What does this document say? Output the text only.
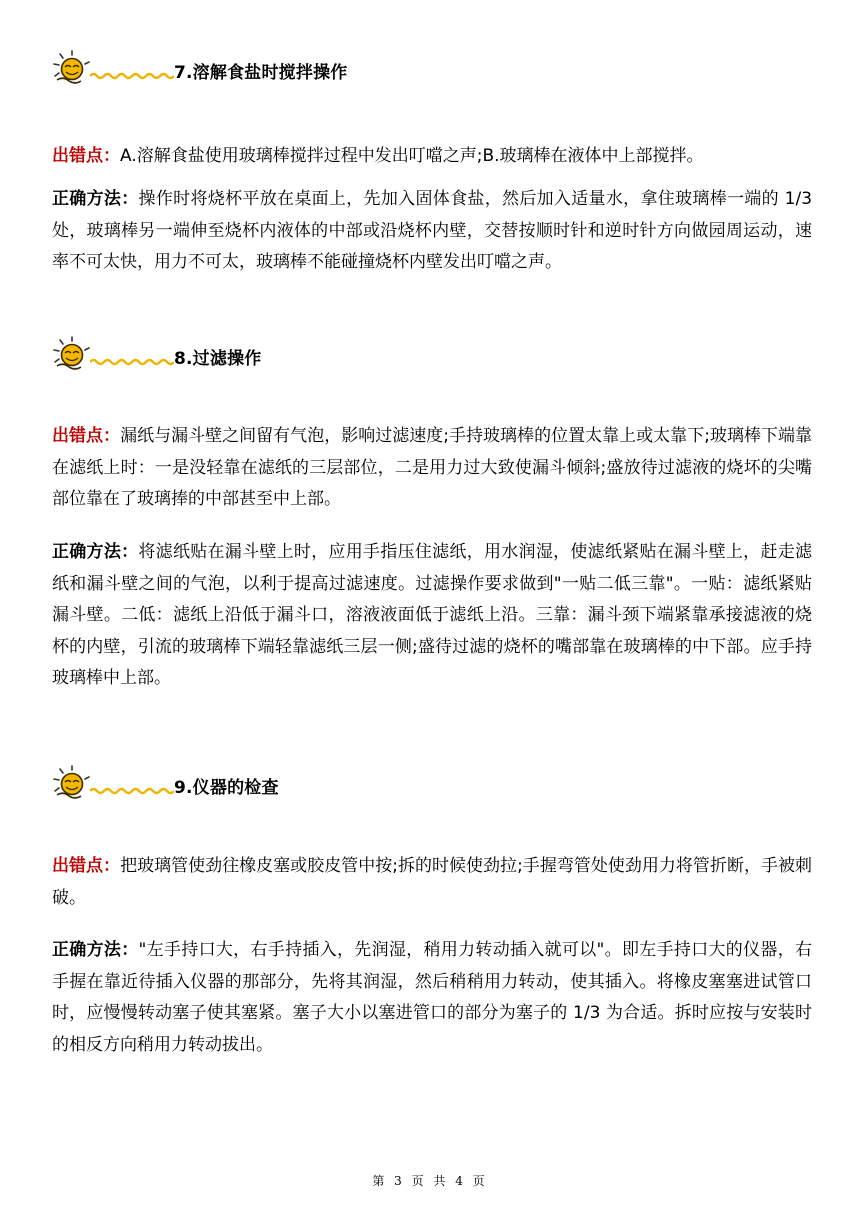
7.溶解食盐时搅拌操作
出错点：A.溶解食盐使用玻璃棒搅拌过程中发出叮噹之声;B.玻璃棒在液体中上部搅拌。
正确方法：操作时将烧杯平放在桌面上，先加入固体食盐，然后加入适量水，拿住玻璃棒一端的 1/3 处，玻璃棒另一端伸至烧杯内液体的中部或沿烧杯内壁，交替按顺时针和逆时针方向做园周运动，速率不可太快，用力不可太，玻璃棒不能碰撞烧杯内壁发出叮噹之声。
8.过滤操作
出错点：漏纸与漏斗壁之间留有气泡，影响过滤速度;手持玻璃棒的位置太靠上或太靠下;玻璃棒下端靠在滤纸上时：一是没轻靠在滤纸的三层部位，二是用力过大致使漏斗倾斜;盛放待过滤液的烧坏的尖嘴部位靠在了玻璃捧的中部甚至中上部。
正确方法：将滤纸贴在漏斗壁上时，应用手指压住滤纸，用水润湿，使滤纸紧贴在漏斗壁上，赶走滤纸和漏斗壁之间的气泡，以利于提高过滤速度。过滤操作要求做到"一贴二低三靠"。一贴：滤纸紧贴漏斗壁。二低：滤纸上沿低于漏斗口，溶液液面低于滤纸上沿。三靠：漏斗颈下端紧靠承接滤液的烧杯的内壁，引流的玻璃棒下端轻靠滤纸三层一侧;盛待过滤的烧杯的嘴部靠在玻璃棒的中下部。应手持玻璃棒中上部。
9.仪器的检查
出错点：把玻璃管使劲往橡皮塞或胶皮管中按;拆的时候使劲拉;手握弯管处使劲用力将管折断，手被刺破。
正确方法："左手持口大，右手持插入，先润湿，稍用力转动插入就可以"。即左手持口大的仪器，右手握在靠近待插入仪器的那部分，先将其润湿，然后稍稍用力转动，使其插入。将橡皮塞塞进试管口时，应慢慢转动塞子使其塞紧。塞子大小以塞进管口的部分为塞子的 1/3 为合适。拆时应按与安装时的相反方向稍用力转动拔出。
第 3 页 共 4 页
